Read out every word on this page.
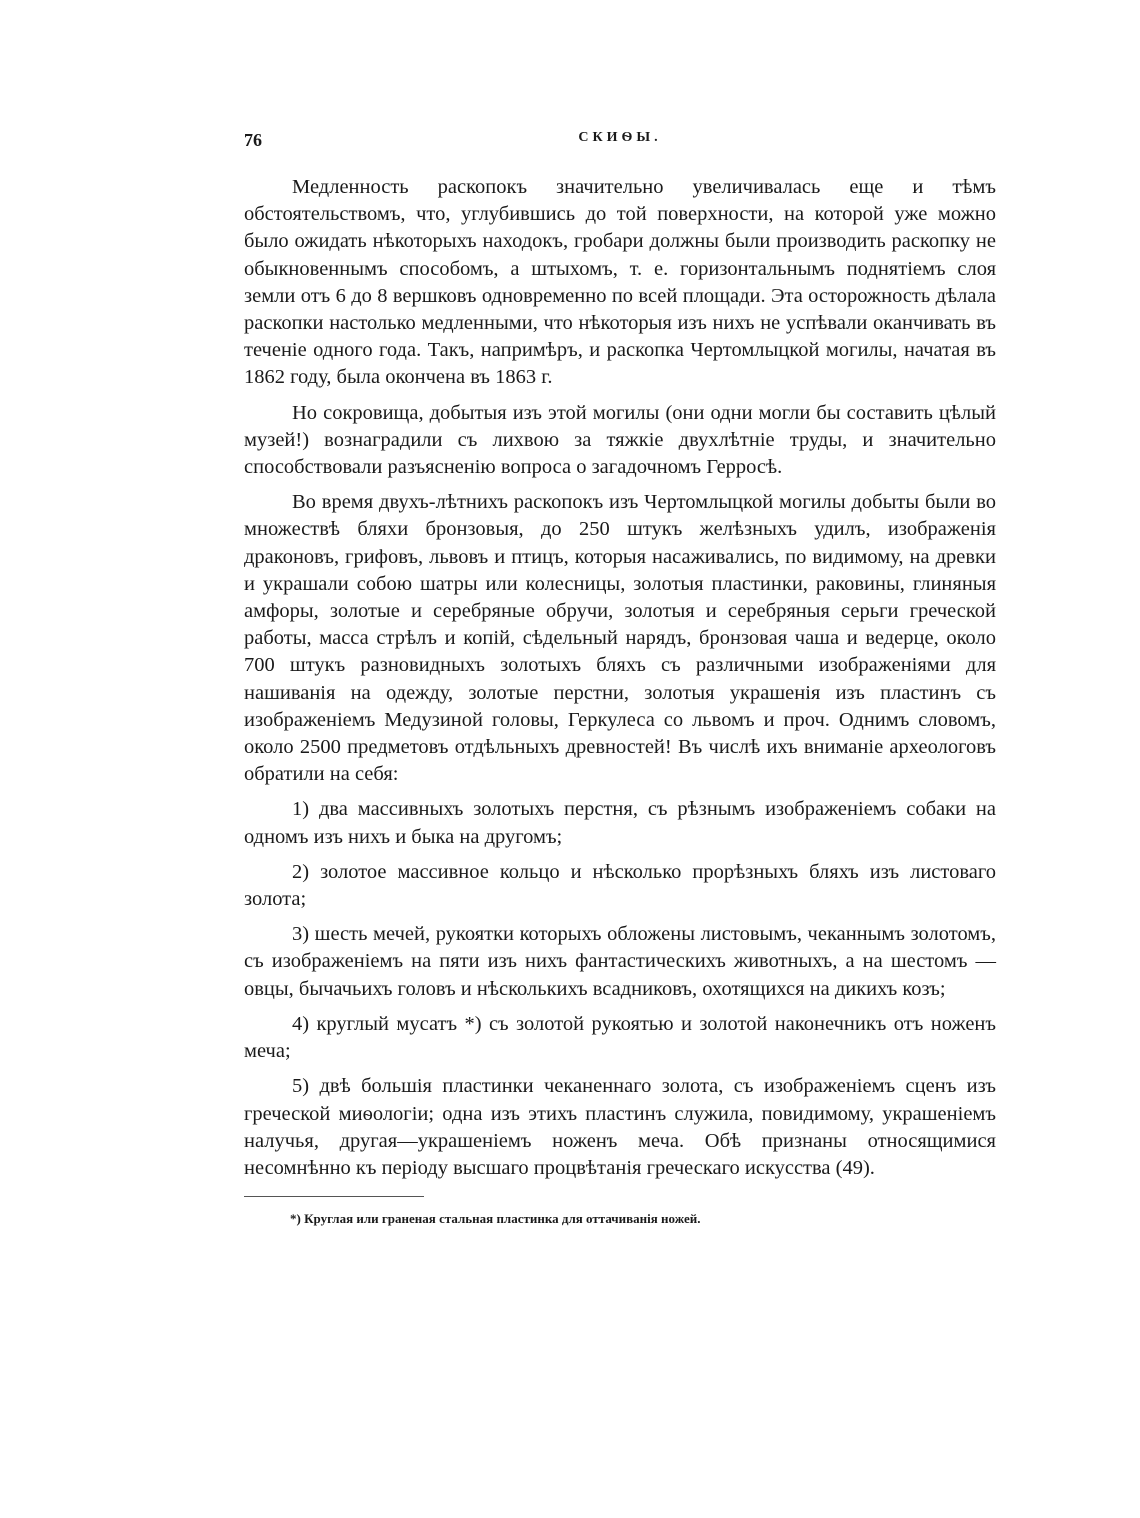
76	СКИѲЫ.

Медленность раскопокъ значительно увеличивалась еще и тѣмъ обстоятельствомъ, что, углубившись до той поверхности, на которой уже можно было ожидать нѣкоторыхъ находокъ, гробари должны были производить раскопку не обыкновеннымъ способомъ, а штыхомъ, т. е. горизонтальнымъ поднятіемъ слоя земли отъ 6 до 8 вершковъ одновременно по всей площади. Эта осторожность дѣлала раскопки настолько медленными, что нѣкоторыя изъ нихъ не успѣвали оканчивать въ теченіе одного года. Такъ, напримѣръ, и раскопка Чертомлыцкой могилы, начатая въ 1862 году, была окончена въ 1863 г.

Но сокровища, добытыя изъ этой могилы (они одни могли бы составить цѣлый музей!) вознаградили съ лихвою за тяжкіе двухлѣтніе труды, и значительно способствовали разъясненію вопроса о загадочномъ Герросѣ.

Во время двухъ-лѣтнихъ раскопокъ изъ Чертомлыцкой могилы добыты были во множествѣ бляхи бронзовыя, до 250 штукъ желѣзныхъ удилъ, изображенія драконовъ, грифовъ, львовъ и птицъ, которыя насаживались, по видимому, на древки и украшали собою шатры или колесницы, золотыя пластинки, раковины, глиняныя амфоры, золотые и серебряные обручи, золотыя и серебряныя серьги греческой работы, масса стрѣлъ и копій, сѣдельный нарядъ, бронзовая чаша и ведерце, около 700 штукъ разновидныхъ золотыхъ бляхъ съ различными изображеніями для нашиванія на одежду, золотые перстни, золотыя украшенія изъ пластинъ съ изображеніемъ Медузиной головы, Геркулеса со львомъ и проч. Однимъ словомъ, около 2500 предметовъ отдѣльныхъ древностей! Въ числѣ ихъ вниманіе археологовъ обратили на себя:

1) два массивныхъ золотыхъ перстня, съ рѣзнымъ изображеніемъ собаки на одномъ изъ нихъ и быка на другомъ;

2) золотое массивное кольцо и нѣсколько прорѣзныхъ бляхъ изъ листоваго золота;

3) шесть мечей, рукоятки которыхъ обложены листовымъ, чеканнымъ золотомъ, съ изображеніемъ на пяти изъ нихъ фантастическихъ животныхъ, а на шестомъ — овцы, бычачьихъ головъ и нѣсколькихъ всадниковъ, охотящихся на дикихъ козъ;

4) круглый мусатъ *) съ золотой рукоятью и золотой наконечникъ отъ ноженъ меча;

5) двѣ большія пластинки чеканеннаго золота, съ изображеніемъ сценъ изъ греческой миѳологіи; одна изъ этихъ пластинъ служила, повидимому, украшеніемъ налучья, другая—украшеніемъ ноженъ меча. Обѣ признаны относящимися несомнѣнно къ періоду высшаго процвѣтанія греческаго искусства (49).

*) Круглая или граненая стальная пластинка для оттачиванія ножей.
